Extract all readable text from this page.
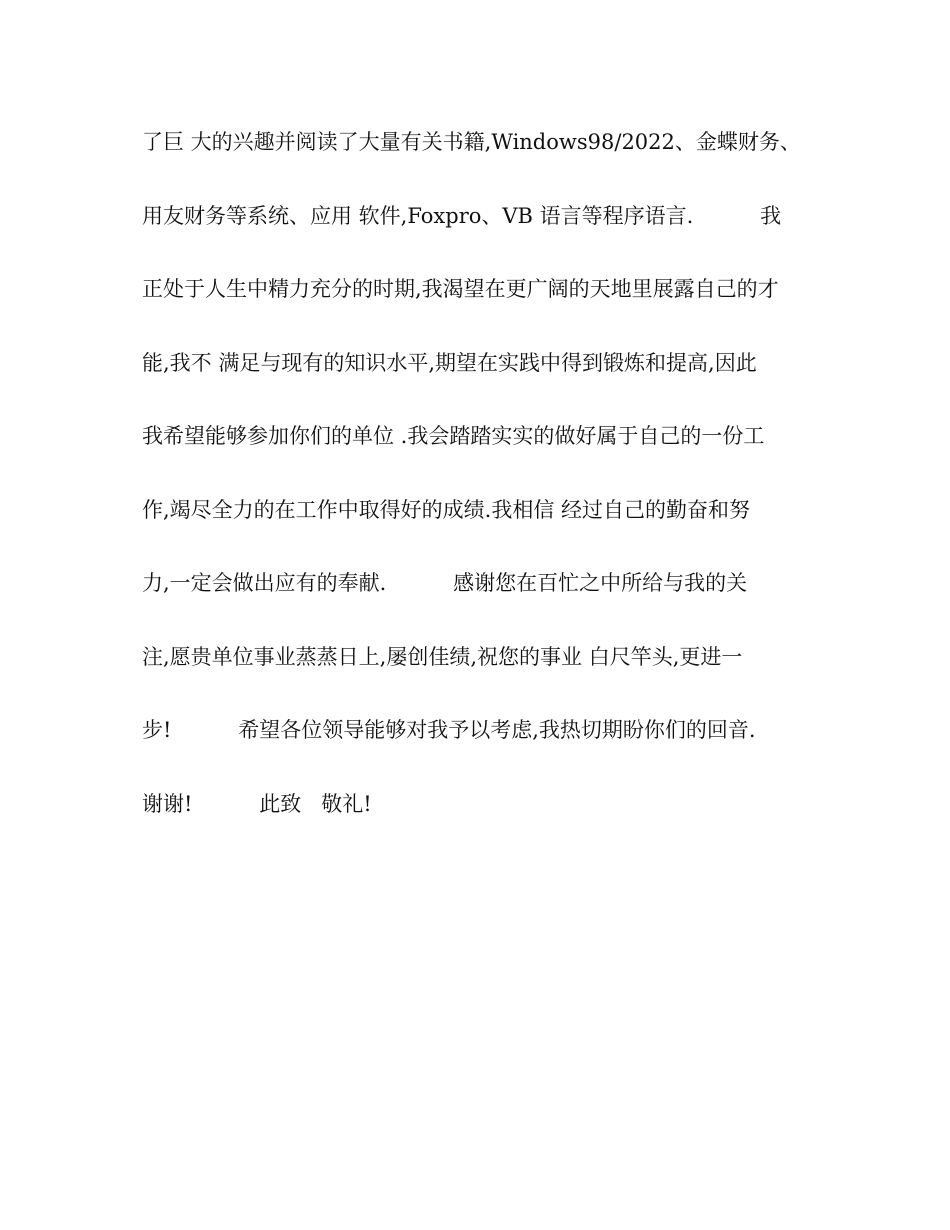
了巨 大的兴趣并阅读了大量有关书籍,Windows98/2022、金蝶财务、
用友财务等系统、应用 软件,Foxpro、VB 语言等程序语言.          我
正处于人生中精力充分的时期,我渴望在更广阔的天地里展露自己的才
能,我不 满足与现有的知识水平,期望在实践中得到锻炼和提高,因此
我希望能够参加你们的单位 .我会踏踏实实的做好属于自己的一份工
作,竭尽全力的在工作中取得好的成绩.我相信 经过自己的勤奋和努
力,一定会做出应有的奉献.          感谢您在百忙之中所给与我的关
注,愿贵单位事业蒸蒸日上,屡创佳绩,祝您的事业 白尺竿头,更进一
步!          希望各位领导能够对我予以考虑,我热切期盼你们的回音.
谢谢!          此致   敬礼!
